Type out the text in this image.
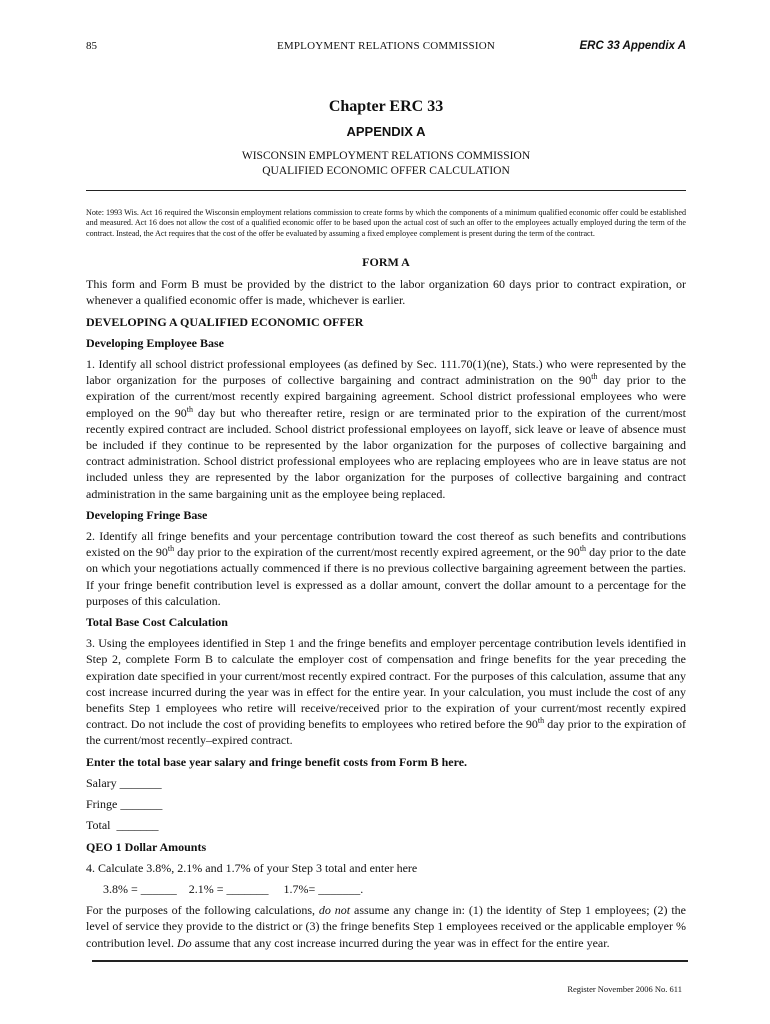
85	EMPLOYMENT RELATIONS COMMISSION	ERC 33 Appendix A
Chapter ERC 33
APPENDIX A
WISCONSIN EMPLOYMENT RELATIONS COMMISSION
QUALIFIED ECONOMIC OFFER CALCULATION
Note: 1993 Wis. Act 16 required the Wisconsin employment relations commission to create forms by which the components of a minimum qualified economic offer could be established and measured. Act 16 does not allow the cost of a qualified economic offer to be based upon the actual cost of such an offer to the employees actually employed during the term of the contract. Instead, the Act requires that the cost of the offer be evaluated by assuming a fixed employee complement is present during the term of the contract.

FORM A

This form and Form B must be provided by the district to the labor organization 60 days prior to contract expiration, or whenever a qualified economic offer is made, whichever is earlier.

DEVELOPING A QUALIFIED ECONOMIC OFFER

Developing Employee Base

1. Identify all school district professional employees (as defined by Sec. 111.70(1)(ne), Stats.) who were represented by the labor organization for the purposes of collective bargaining and contract administration on the 90th day prior to the expiration of the current/most recently expired bargaining agreement. School district professional employees who were employed on the 90th day but who thereafter retire, resign or are terminated prior to the expiration of the current/most recently expired contract are included. School district professional employees on layoff, sick leave or leave of absence must be included if they continue to be represented by the labor organization for the purposes of collective bargaining and contract administration. School district professional employees who are replacing employees who are in leave status are not included unless they are represented by the labor organization for the purposes of collective bargaining and contract administration in the same bargaining unit as the employee being replaced.

Developing Fringe Base

2. Identify all fringe benefits and your percentage contribution toward the cost thereof as such benefits and contributions existed on the 90th day prior to the expiration of the current/most recently expired agreement, or the 90th day prior to the date on which your negotiations actually commenced if there is no previous collective bargaining agreement between the parties. If your fringe benefit contribution level is expressed as a dollar amount, convert the dollar amount to a percentage for the purposes of this calculation.

Total Base Cost Calculation

3. Using the employees identified in Step 1 and the fringe benefits and employer percentage contribution levels identified in Step 2, complete Form B to calculate the employer cost of compensation and fringe benefits for the year preceding the expiration date specified in your current/most recently expired contract. For the purposes of this calculation, assume that any cost increase incurred during the year was in effect for the entire year. In your calculation, you must include the cost of any benefits Step 1 employees who retire will receive/received prior to the expiration of your current/most recently expired contract. Do not include the cost of providing benefits to employees who retired before the 90th day prior to the expiration of the current/most recently–expired contract.

Enter the total base year salary and fringe benefit costs from Form B here.

Salary _______

Fringe _______

Total  _______

QEO 1 Dollar Amounts

4. Calculate 3.8%, 2.1% and 1.7% of your Step 3 total and enter here

3.8% = ______    2.1% = _______     1.7%= _______.

For the purposes of the following calculations, do not assume any change in: (1) the identity of Step 1 employees; (2) the level of service they provide to the district or (3) the fringe benefits Step 1 employees received or the applicable employer % contribution level. Do assume that any cost increase incurred during the year was in effect for the entire year.

Register November 2006 No. 611
